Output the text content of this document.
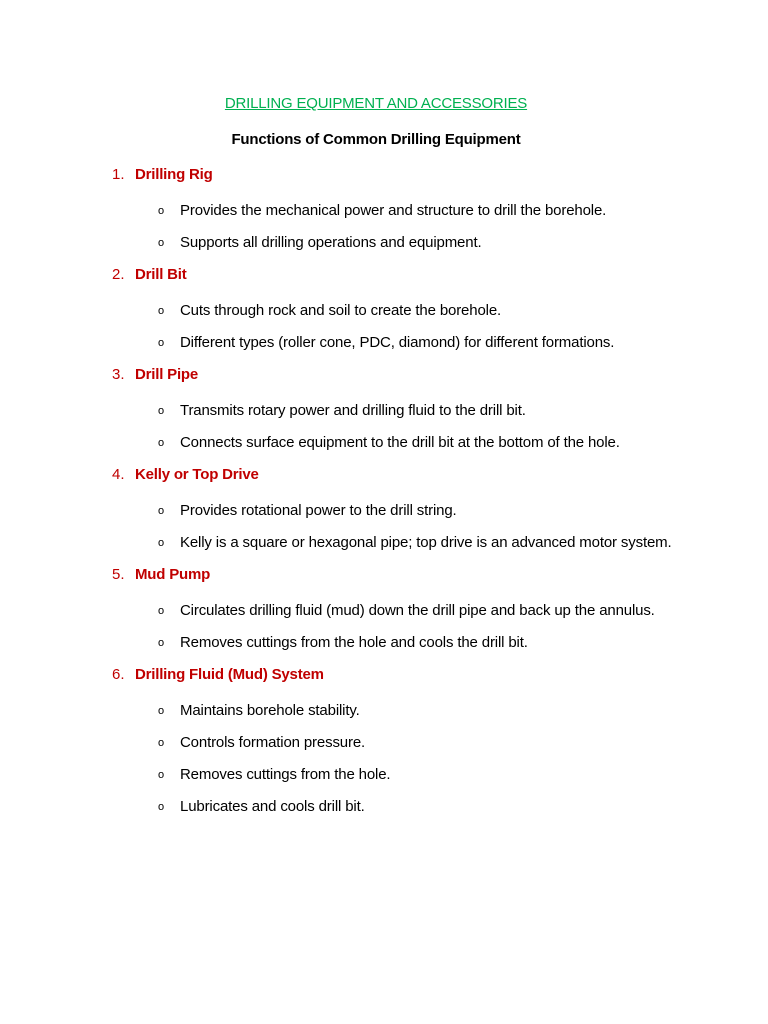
DRILLING EQUIPMENT AND ACCESSORIES
Functions of Common Drilling Equipment
1. Drilling Rig
o Provides the mechanical power and structure to drill the borehole.
o Supports all drilling operations and equipment.
2. Drill Bit
o Cuts through rock and soil to create the borehole.
o Different types (roller cone, PDC, diamond) for different formations.
3. Drill Pipe
o Transmits rotary power and drilling fluid to the drill bit.
o Connects surface equipment to the drill bit at the bottom of the hole.
4. Kelly or Top Drive
o Provides rotational power to the drill string.
o Kelly is a square or hexagonal pipe; top drive is an advanced motor system.
5. Mud Pump
o Circulates drilling fluid (mud) down the drill pipe and back up the annulus.
o Removes cuttings from the hole and cools the drill bit.
6. Drilling Fluid (Mud) System
o Maintains borehole stability.
o Controls formation pressure.
o Removes cuttings from the hole.
o Lubricates and cools drill bit.
